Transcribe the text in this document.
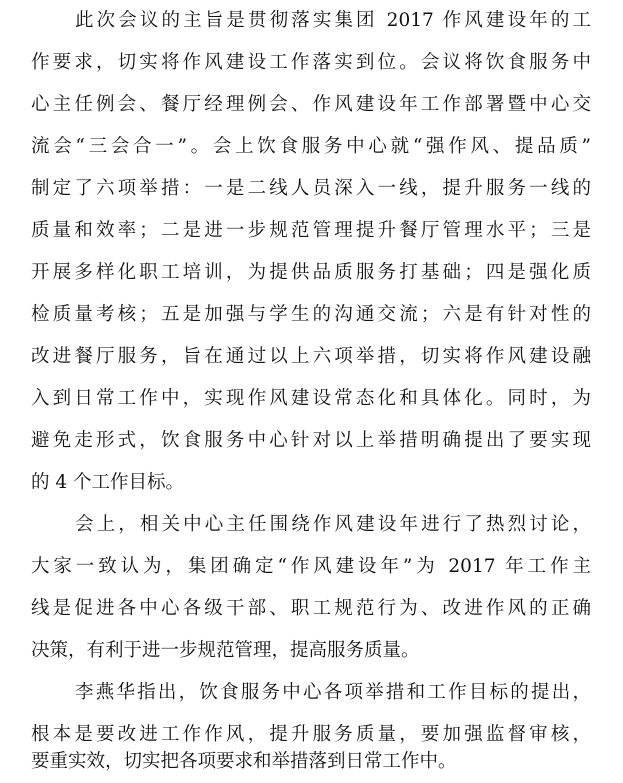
此次会议的主旨是贯彻落实集团 2017 作风建设年的工
作要求，切实将作风建设工作落实到位。会议将饮食服务中
心主任例会、餐厅经理例会、作风建设年工作部署暨中心交
流会“三会合一”。会上饮食服务中心就“强作风、提品质”
制定了六项举措：一是二线人员深入一线，提升服务一线的
质量和效率；二是进一步规范管理提升餐厅管理水平；三是
开展多样化职工培训，为提供品质服务打基础；四是强化质
检质量考核；五是加强与学生的沟通交流；六是有针对性的
改进餐厅服务，旨在通过以上六项举措，切实将作风建设融
入到日常工作中，实现作风建设常态化和具体化。同时，为
避免走形式，饮食服务中心针对以上举措明确提出了要实现
的 4 个工作目标。
会上，相关中心主任围绕作风建设年进行了热烈讨论，
大家一致认为，集团确定“作风建设年”为 2017 年工作主
线是促进各中心各级干部、职工规范行为、改进作风的正确
决策，有利于进一步规范管理，提高服务质量。
李燕华指出，饮食服务中心各项举措和工作目标的提出，
根本是要改进工作作风，提升服务质量，要加强监督审核，
要重实效，切实把各项要求和举措落到日常工作中。
